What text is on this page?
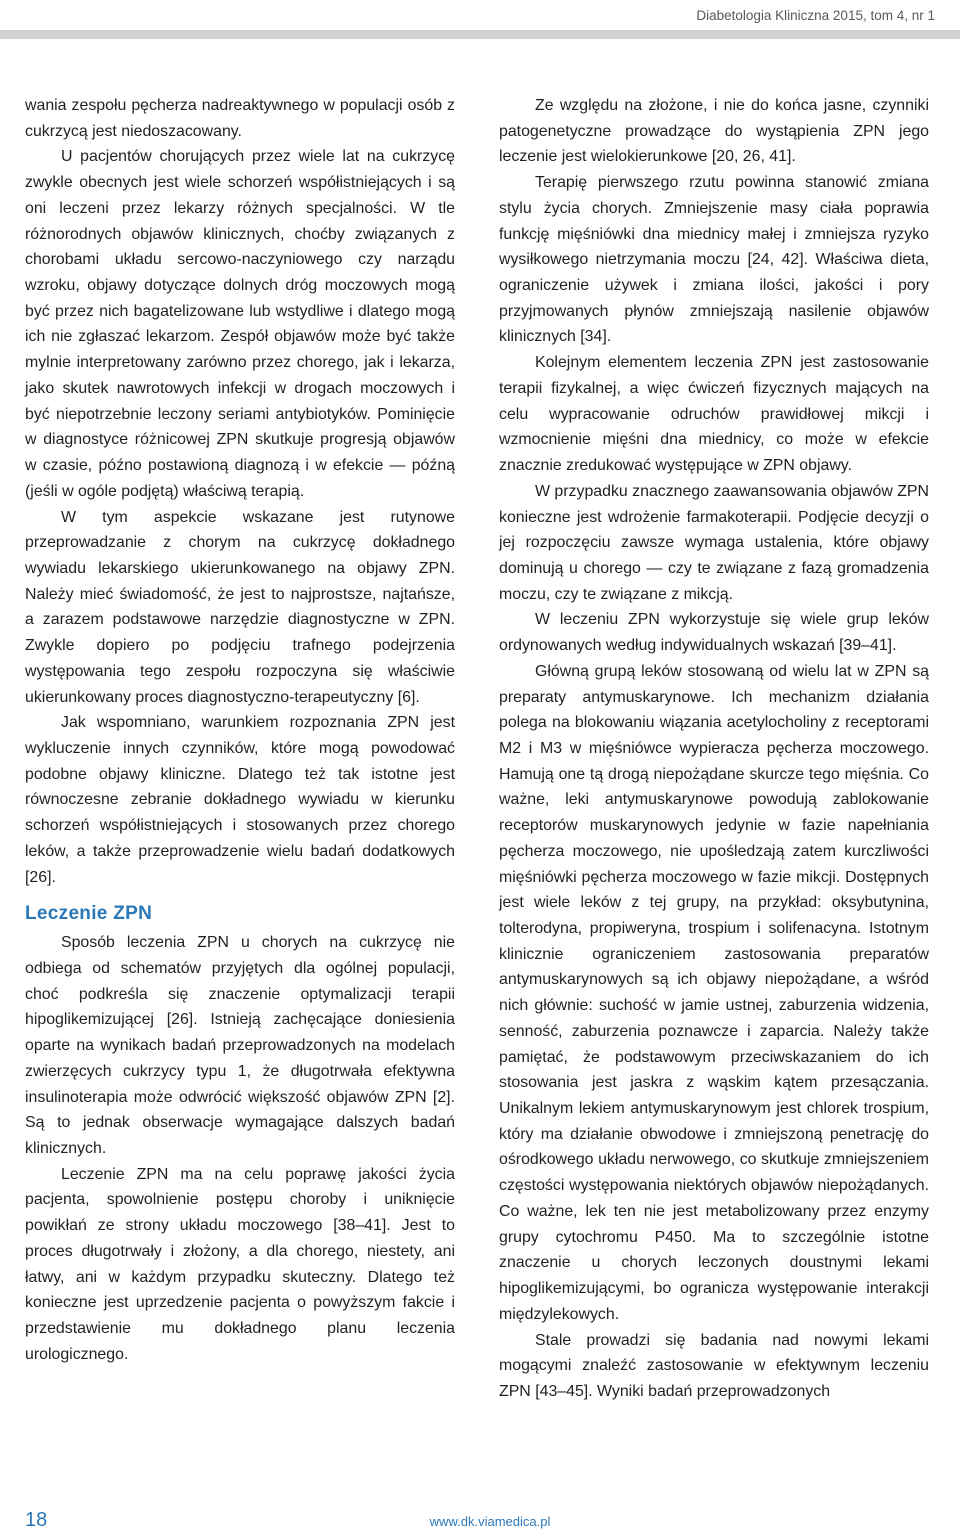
Diabetologia Kliniczna 2015, tom 4, nr 1

wania zespołu pęcherza nadreaktywnego w populacji osób z cukrzycą jest niedoszacowany.

U pacjentów chorujących przez wiele lat na cukrzycę zwykle obecnych jest wiele schorzeń współistniejących i są oni leczeni przez lekarzy różnych specjalności. W tle różnorodnych objawów klinicznych, choćby związanych z chorobami układu sercowo-naczyniowego czy narządu wzroku, objawy dotyczące dolnych dróg moczowych mogą być przez nich bagatelizowane lub wstydliwe i dlatego mogą ich nie zgłaszać lekarzom. Zespół objawów może być także mylnie interpretowany zarówno przez chorego, jak i lekarza, jako skutek nawrotowych infekcji w drogach moczowych i być niepotrzebnie leczony seriami antybiotyków. Pominięcie w diagnostyce różnicowej ZPN skutkuje progresją objawów w czasie, późno postawioną diagnozą i w efekcie — późną (jeśli w ogóle podjętą) właściwą terapią.

W tym aspekcie wskazane jest rutynowe przeprowadzanie z chorym na cukrzycę dokładnego wywiadu lekarskiego ukierunkowanego na objawy ZPN. Należy mieć świadomość, że jest to najprostsze, najtańsze, a zarazem podstawowe narzędzie diagnostyczne w ZPN. Zwykle dopiero po podjęciu trafnego podejrzenia występowania tego zespołu rozpoczyna się właściwie ukierunkowany proces diagnostyczno-terapeutyczny [6].

Jak wspomniano, warunkiem rozpoznania ZPN jest wykluczenie innych czynników, które mogą powodować podobne objawy kliniczne. Dlatego też tak istotne jest równoczesne zebranie dokładnego wywiadu w kierunku schorzeń współistniejących i stosowanych przez chorego leków, a także przeprowadzenie wielu badań dodatkowych [26].

Leczenie ZPN

Sposób leczenia ZPN u chorych na cukrzycę nie odbiega od schematów przyjętych dla ogólnej populacji, choć podkreśla się znaczenie optymalizacji terapii hipoglikemizującej [26]. Istnieją zachęcające doniesienia oparte na wynikach badań przeprowadzonych na modelach zwierzęcych cukrzycy typu 1, że długotrwała efektywna insulinoterapia może odwrócić większość objawów ZPN [2]. Są to jednak obserwacje wymagające dalszych badań klinicznych.

Leczenie ZPN ma na celu poprawę jakości życia pacjenta, spowolnienie postępu choroby i uniknięcie powikłań ze strony układu moczowego [38–41]. Jest to proces długotrwały i złożony, a dla chorego, niestety, ani łatwy, ani w każdym przypadku skuteczny. Dlatego też konieczne jest uprzedzenie pacjenta o powyższym fakcie i przedstawienie mu dokładnego planu leczenia urologicznego.

Ze względu na złożone, i nie do końca jasne, czynniki patogenetyczne prowadzące do wystąpienia ZPN jego leczenie jest wielokierunkowe [20, 26, 41].

Terapię pierwszego rzutu powinna stanowić zmiana stylu życia chorych. Zmniejszenie masy ciała poprawia funkcję mięśniówki dna miednicy małej i zmniejsza ryzyko wysiłkowego nietrzymania moczu [24, 42]. Właściwa dieta, ograniczenie używek i zmiana ilości, jakości i pory przyjmowanych płynów zmniejszają nasilenie objawów klinicznych [34].

Kolejnym elementem leczenia ZPN jest zastosowanie terapii fizykalnej, a więc ćwiczeń fizycznych mających na celu wypracowanie odruchów prawidłowej mikcji i wzmocnienie mięśni dna miednicy, co może w efekcie znacznie zredukować występujące w ZPN objawy.

W przypadku znacznego zaawansowania objawów ZPN konieczne jest wdrożenie farmakoterapii. Podjęcie decyzji o jej rozpoczęciu zawsze wymaga ustalenia, które objawy dominują u chorego — czy te związane z fazą gromadzenia moczu, czy te związane z mikcją.

W leczeniu ZPN wykorzystuje się wiele grup leków ordynowanych według indywidualnych wskazań [39–41].

Główną grupą leków stosowaną od wielu lat w ZPN są preparaty antymuskarynowe. Ich mechanizm działania polega na blokowaniu wiązania acetylocholiny z receptorami M2 i M3 w mięśniówce wypieracza pęcherza moczowego. Hamują one tą drogą niepożądane skurcze tego mięśnia. Co ważne, leki antymuskarynowe powodują zablokowanie receptorów muskarynowych jedynie w fazie napełniania pęcherza moczowego, nie upośledzają zatem kurczliwości mięśniówki pęcherza moczowego w fazie mikcji. Dostępnych jest wiele leków z tej grupy, na przykład: oksybutynina, tolterodyna, propiweryna, trospium i solifenacyna. Istotnym klinicznie ograniczeniem zastosowania preparatów antymuskarynowych są ich objawy niepożądane, a wśród nich głównie: suchość w jamie ustnej, zaburzenia widzenia, senność, zaburzenia poznawcze i zaparcia. Należy także pamiętać, że podstawowym przeciwskazaniem do ich stosowania jest jaskra z wąskim kątem przesączania. Unikalnym lekiem antymuskarynowym jest chlorek trospium, który ma działanie obwodowe i zmniejszoną penetrację do ośrodkowego układu nerwowego, co skutkuje zmniejszeniem częstości występowania niektórych objawów niepożądanych. Co ważne, lek ten nie jest metabolizowany przez enzymy grupy cytochromu P450. Ma to szczególnie istotne znaczenie u chorych leczonych doustnymi lekami hipoglikemizującymi, bo ogranicza występowanie interakcji międzylekowych.

Stale prowadzi się badania nad nowymi lekami mogącymi znaleźć zastosowanie w efektywnym leczeniu ZPN [43–45]. Wyniki badań przeprowadzonych

18	www.dk.viamedica.pl
